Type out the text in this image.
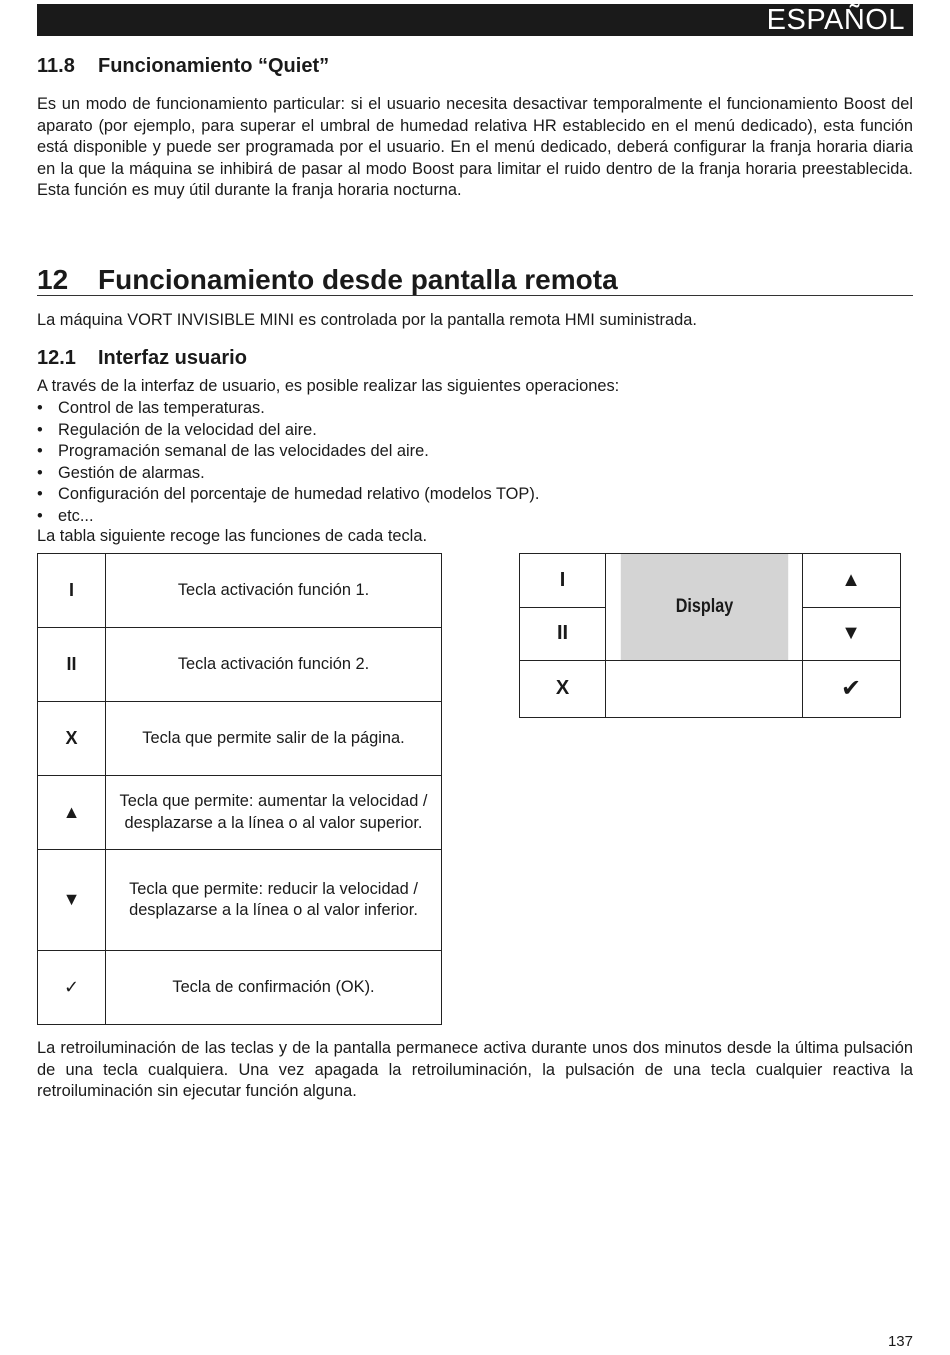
ESPAÑOL
11.8 Funcionamiento “Quiet”
Es un modo de funcionamiento particular: si el usuario necesita desactivar temporalmente el funcionamiento Boost del aparato (por ejemplo, para superar el umbral de humedad relativa HR establecido en el menú dedicado), esta función está disponible y puede ser programada por el usuario. En el menú dedicado, deberá configurar la franja horaria diaria en la que la máquina se inhibirá de pasar al modo Boost para limitar el ruido dentro de la franja horaria preestablecida. Esta función es muy útil durante la franja horaria nocturna.
12 Funcionamiento desde pantalla remota
La máquina VORT INVISIBLE MINI es controlada por la pantalla remota HMI suministrada.
12.1 Interfaz usuario
A través de la interfaz de usuario, es posible realizar las siguientes operaciones:
• Control de las temperaturas.
• Regulación de la velocidad del aire.
• Programación semanal de las velocidades del aire.
• Gestión de alarmas.
• Configuración del porcentaje de humedad relativo (modelos TOP).
• etc...
La tabla siguiente recoge las funciones de cada tecla.
I	Tecla activación función 1.
II	Tecla activación función 2.
X	Tecla que permite salir de la página.
▲	Tecla que permite: aumentar la velocidad / desplazarse a la línea o al valor superior.
▼	Tecla que permite: reducir la velocidad / desplazarse a la línea o al valor inferior.
✓	Tecla de confirmación (OK).
Display
I
II
X
▲
▼
✔
La retroiluminación de las teclas y de la pantalla permanece activa durante unos dos minutos desde la última pulsación de una tecla cualquiera. Una vez apagada la retroiluminación, la pulsación de una tecla cualquier reactiva la retroiluminación sin ejecutar función alguna.
137
